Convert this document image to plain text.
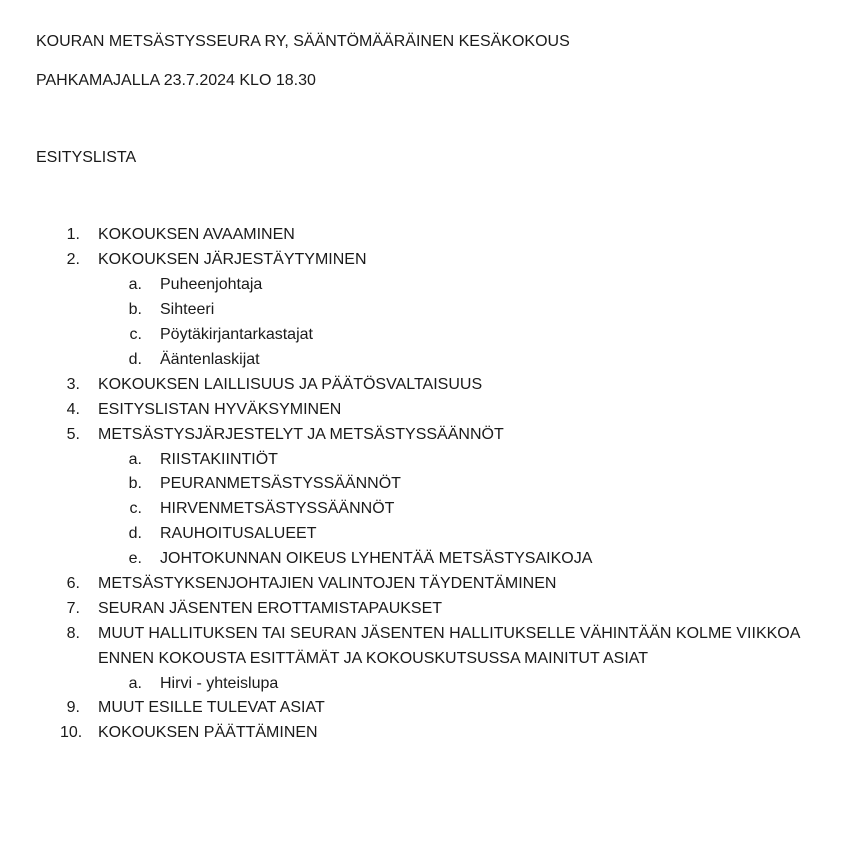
KOURAN METSÄSTYSSEURA RY, SÄÄNTÖMÄÄRÄINEN KESÄKOKOUS
PAHKAMAJALLA 23.7.2024 KLO 18.30
ESITYSLISTA
1. KOKOUKSEN AVAAMINEN
2. KOKOUKSEN JÄRJESTÄYTYMINEN
a. Puheenjohtaja
b. Sihteeri
c. Pöytäkirjantarkastajat
d. Ääntenlaskijat
3. KOKOUKSEN LAILLISUUS JA PÄÄTÖSVALTAISUUS
4. ESITYSLISTAN HYVÄKSYMINEN
5. METSÄSTYSJÄRJESTELYT JA METSÄSTYSSÄÄNNÖT
a. RIISTAKIINTIÖT
b. PEURANMETSÄSTYSSÄÄNNÖT
c. HIRVENMETSÄSTYSSÄÄNNÖT
d. RAUHOITUSALUEET
e. JOHTOKUNNAN OIKEUS LYHENTÄÄ METSÄSTYSAIKOJA
6. METSÄSTYKSENJOHTAJIEN VALINTOJEN TÄYDENTÄMINEN
7. SEURAN JÄSENTEN EROTTAMISTAPAUKSET
8. MUUT HALLITUKSEN TAI SEURAN JÄSENTEN HALLITUKSELLE VÄHINTÄÄN KOLME VIIKKOA
ENNEN KOKOUSTA ESITTÄMÄT JA KOKOUSKUTSUSSA MAINITUT ASIAT
a. Hirvi - yhteislupa
9. MUUT ESILLE TULEVAT ASIAT
10. KOKOUKSEN PÄÄTTÄMINEN
